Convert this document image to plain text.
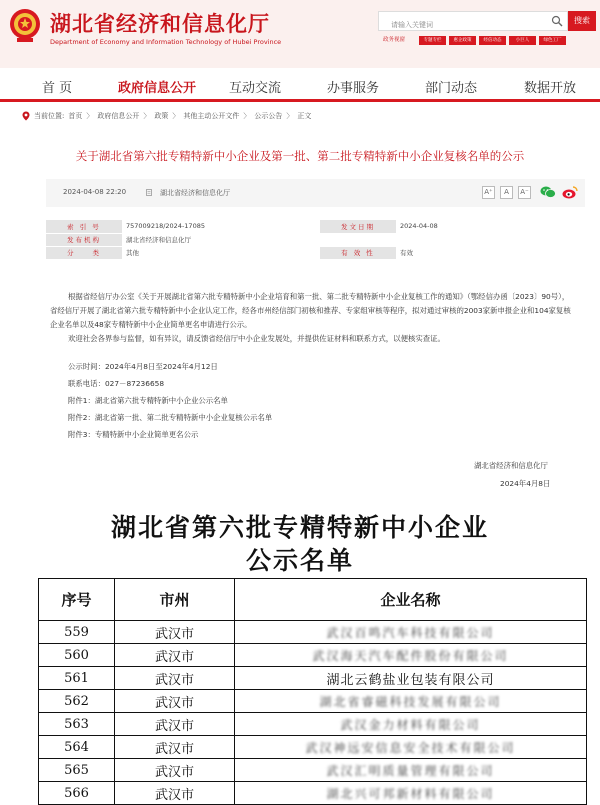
湖北省经济和信息化厅
Department of Economy and Information Technology of Hubei Province
请输入关键词
搜索
政务视窗	专题专栏	惠企政策	经信动态	小巨人	绿色工厂
首 页	政府信息公开	互动交流	办事服务	部门动态	数据开放
当前位置: 首页 〉 政府信息公开 〉 政策 〉 其他主动公开文件 〉 公示公告 〉 正文
关于湖北省第六批专精特新中小企业及第一批、第二批专精特新中小企业复核名单的公示
2024-04-08 22:20	湖北省经济和信息化厅	A⁺	A	A⁻
索 引 号	757009218/2024-17085	发文日期	2024-04-08
发布机构	湖北省经济和信息化厅		
分　　类	其他	有 效 性	有效

根据省经信厅办公室《关于开展湖北省第六批专精特新中小企业培育和第一批、第二批专精特新中小企业复核工作的通知》（鄂经信办函〔2023〕90号），省经信厅开展了湖北省第六批专精特新中小企业认定工作，经各市州经信部门初核和推荐、专家组审核等程序，拟对通过审核的2003家新申报企业和104家复核企业名单以及48家专精特新中小企业简单更名申请进行公示。

欢迎社会各界参与监督，如有异议，请反馈省经信厅中小企业发展处，并提供佐证材料和联系方式，以便核实查证。

公示时间：2024年4月8日至2024年4月12日
联系电话：027－87236658
附件1：湖北省第六批专精特新中小企业公示名单
附件2：湖北省第一批、第二批专精特新中小企业复核公示名单
附件3：专精特新中小企业简单更名公示
湖北省经济和信息化厅
2024年4月8日
湖北省第六批专精特新中小企业
公示名单
序号	市州	企业名称
559	武汉市	武汉百鸣汽车科技有限公司
560	武汉市	武汉海天汽车配件股份有限公司
561	武汉市	湖北云鹤盐业包装有限公司
562	武汉市	湖北省睿磁科技发展有限公司
563	武汉市	武汉金力材料有限公司
564	武汉市	武汉神远安信息安全技术有限公司
565	武汉市	武汉汇明质量管理有限公司
566	武汉市	湖北兴可邦新材料有限公司
